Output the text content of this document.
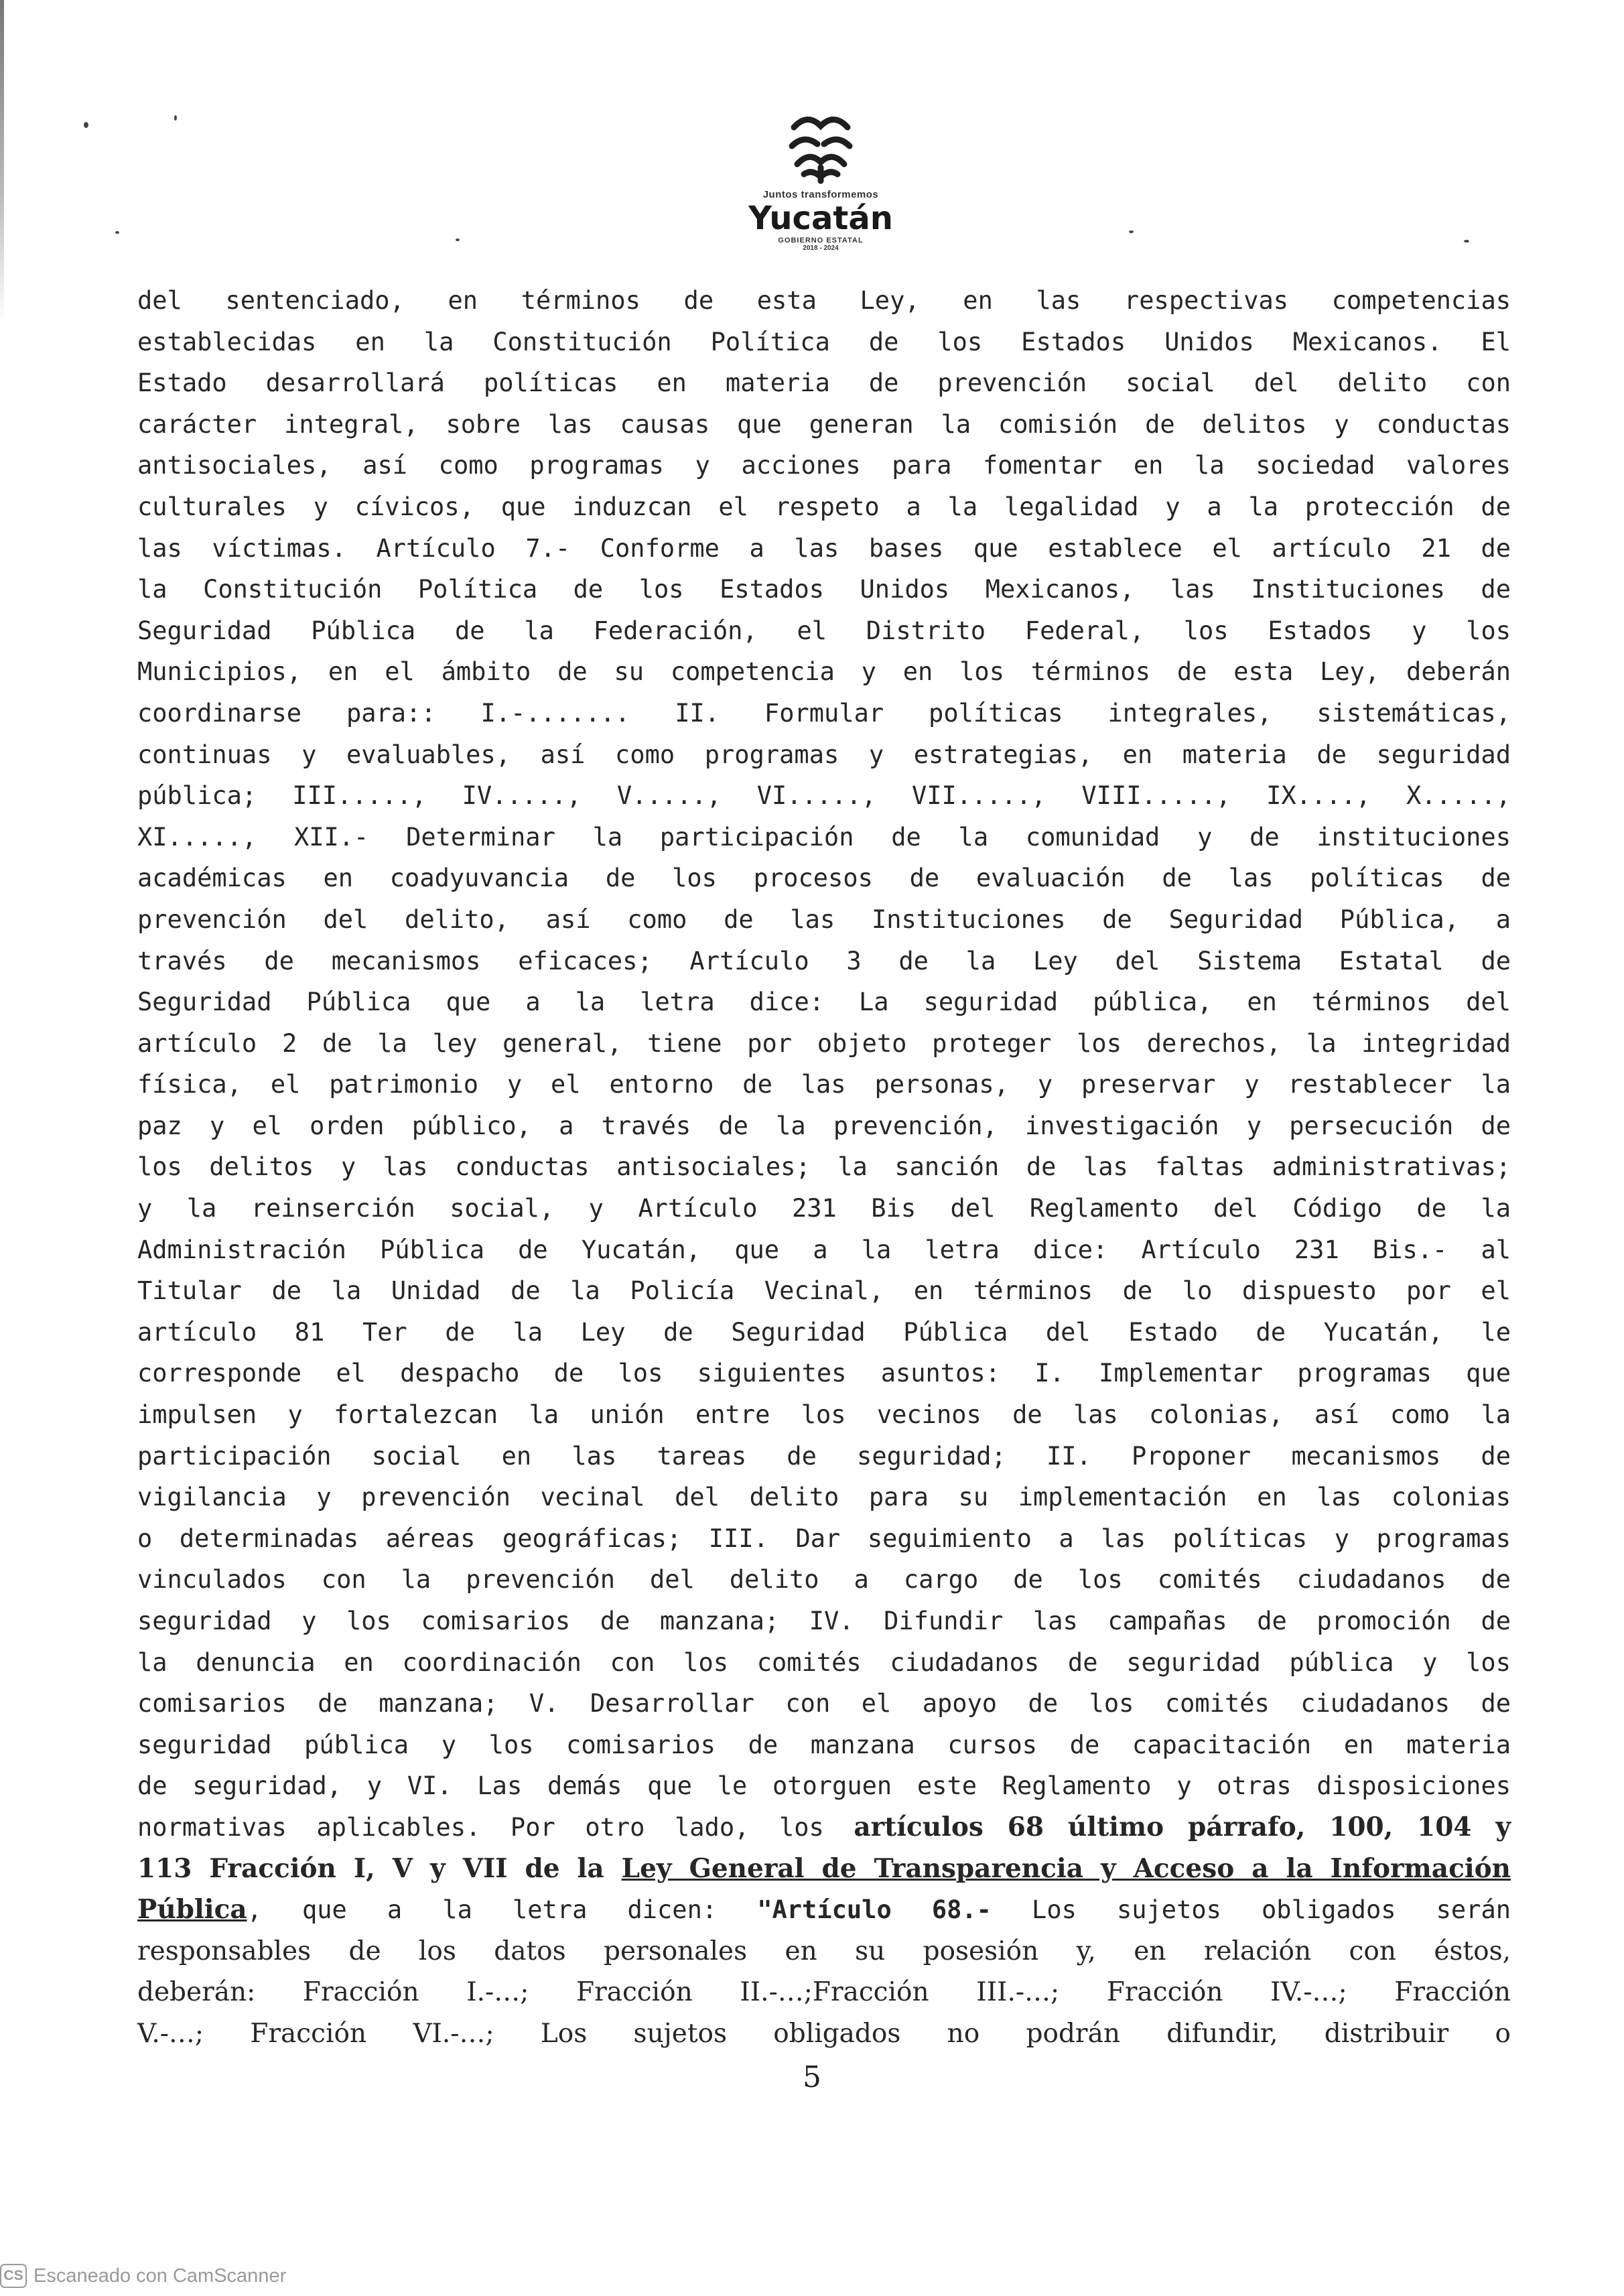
Juntos transformemos
Yucatán
GOBIERNO ESTATAL
2018 - 2024
del sentenciado, en términos de esta Ley, en las respectivas competencias
establecidas en la Constitución Política de los Estados Unidos Mexicanos. El
Estado desarrollará políticas en materia de prevención social del delito con
carácter integral, sobre las causas que generan la comisión de delitos y conductas
antisociales, así como programas y acciones para fomentar en la sociedad valores
culturales y cívicos, que induzcan el respeto a la legalidad y a la protección de
las víctimas. Artículo 7.- Conforme a las bases que establece el artículo 21 de
la Constitución Política de los Estados Unidos Mexicanos, las Instituciones de
Seguridad Pública de la Federación, el Distrito Federal, los Estados y los
Municipios, en el ámbito de su competencia y en los términos de esta Ley, deberán
coordinarse para:: I.-....... II. Formular políticas integrales, sistemáticas,
continuas y evaluables, así como programas y estrategias, en materia de seguridad
pública; III....., IV....., V....., VI....., VII....., VIII....., IX...., X.....,
XI....., XII.- Determinar la participación de la comunidad y de instituciones
académicas en coadyuvancia de los procesos de evaluación de las políticas de
prevención del delito, así como de las Instituciones de Seguridad Pública, a
través de mecanismos eficaces; Artículo 3 de la Ley del Sistema Estatal de
Seguridad Pública que a la letra dice: La seguridad pública, en términos del
artículo 2 de la ley general, tiene por objeto proteger los derechos, la integridad
física, el patrimonio y el entorno de las personas, y preservar y restablecer la
paz y el orden público, a través de la prevención, investigación y persecución de
los delitos y las conductas antisociales; la sanción de las faltas administrativas;
y la reinserción social, y Artículo 231 Bis del Reglamento del Código de la
Administración Pública de Yucatán, que a la letra dice: Artículo 231 Bis.- al
Titular de la Unidad de la Policía Vecinal, en términos de lo dispuesto por el
artículo 81 Ter de la Ley de Seguridad Pública del Estado de Yucatán, le
corresponde el despacho de los siguientes asuntos: I. Implementar programas que
impulsen y fortalezcan la unión entre los vecinos de las colonias, así como la
participación social en las tareas de seguridad; II. Proponer mecanismos de
vigilancia y prevención vecinal del delito para su implementación en las colonias
o determinadas aéreas geográficas; III. Dar seguimiento a las políticas y programas
vinculados con la prevención del delito a cargo de los comités ciudadanos de
seguridad y los comisarios de manzana; IV. Difundir las campañas de promoción de
la denuncia en coordinación con los comités ciudadanos de seguridad pública y los
comisarios de manzana; V. Desarrollar con el apoyo de los comités ciudadanos de
seguridad pública y los comisarios de manzana cursos de capacitación en materia
de seguridad, y VI. Las demás que le otorguen este Reglamento y otras disposiciones
normativas aplicables. Por otro lado, los artículos 68 último párrafo, 100, 104 y
113 Fracción I, V y VII de la Ley General de Transparencia y Acceso a la Información
Pública, que a la letra dicen: "Artículo 68.- Los sujetos obligados serán
responsables de los datos personales en su posesión y, en relación con éstos,
deberán: Fracción I.-…; Fracción II.-…;Fracción III.-…; Fracción IV.-…; Fracción
V.-…; Fracción VI.-…; Los sujetos obligados no podrán difundir, distribuir o
5
CS Escaneado con CamScanner
